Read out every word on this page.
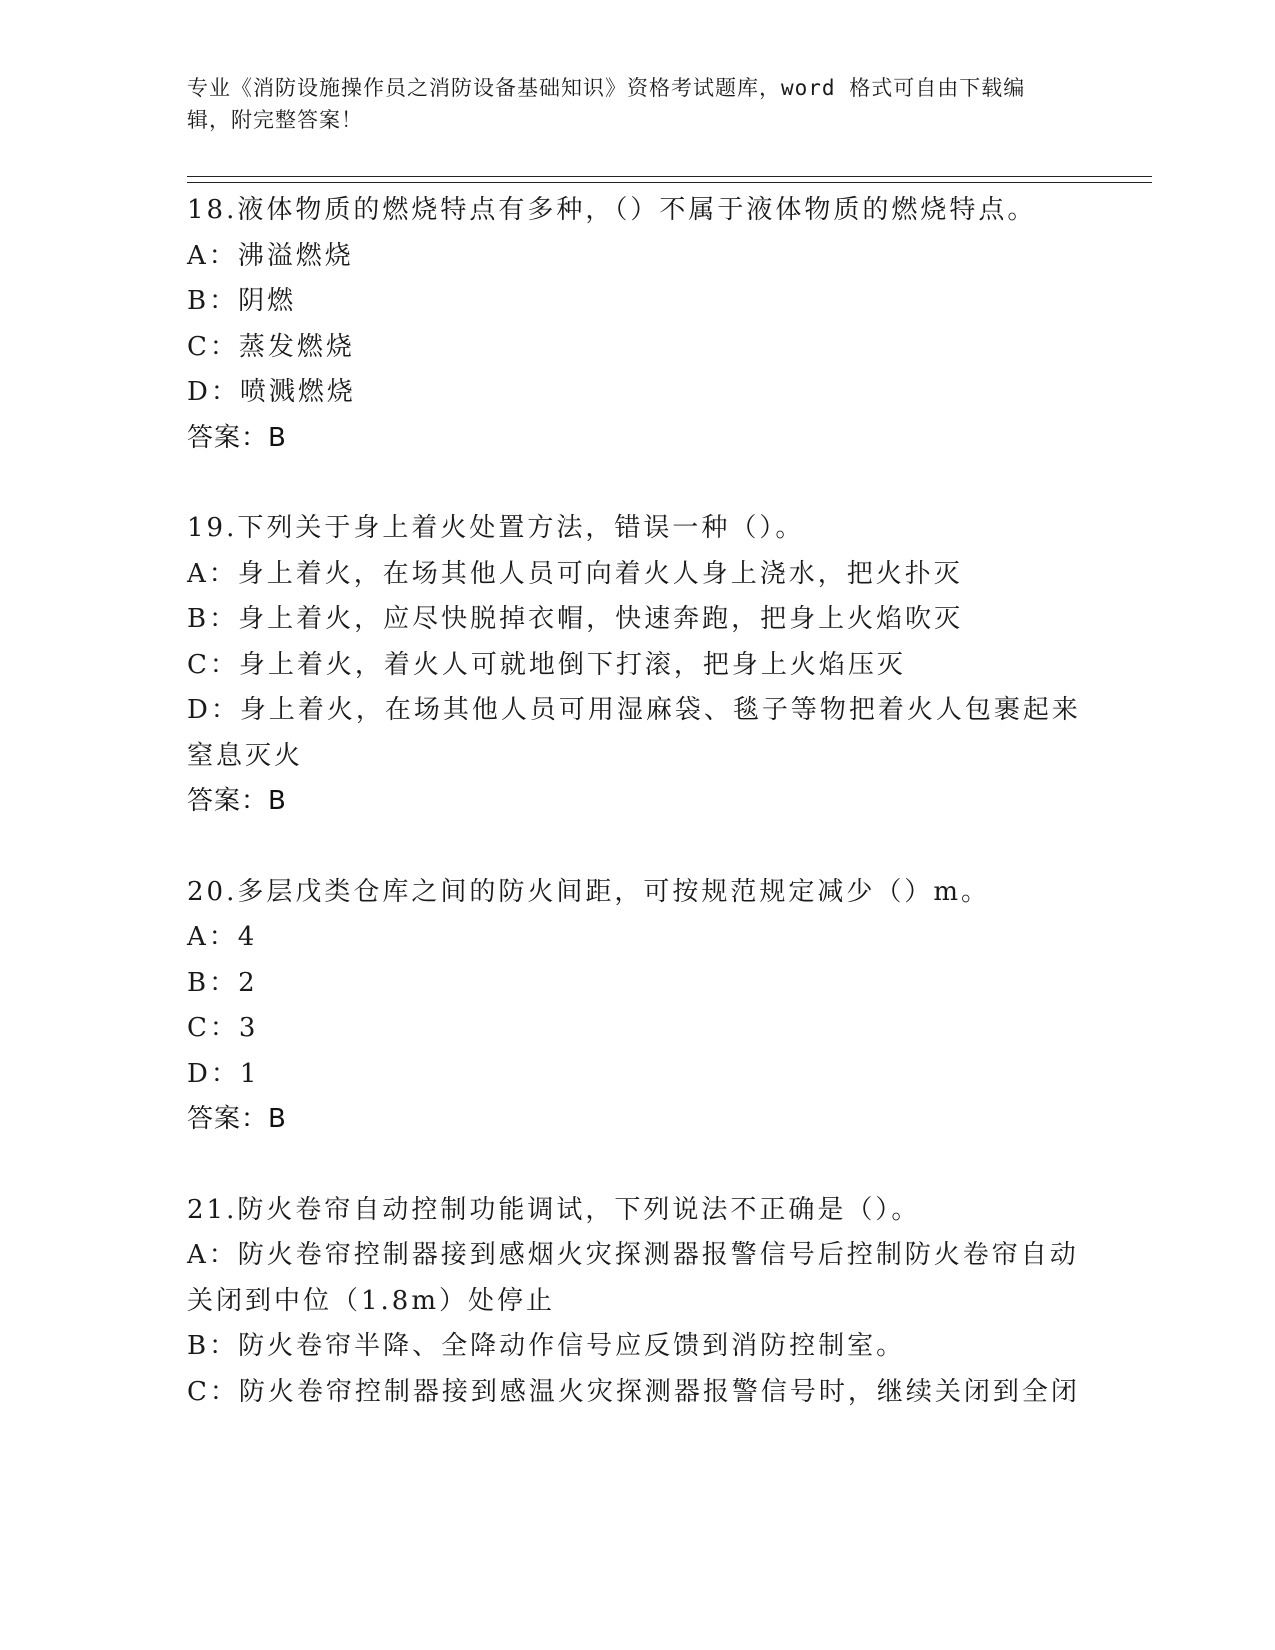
专业《消防设施操作员之消防设备基础知识》资格考试题库，word 格式可自由下载编辑，附完整答案！
18.液体物质的燃烧特点有多种，（）不属于液体物质的燃烧特点。
A：沸溢燃烧
B：阴燃
C：蒸发燃烧
D：喷溅燃烧
答案：B
19.下列关于身上着火处置方法，错误一种（）。
A：身上着火，在场其他人员可向着火人身上浇水，把火扑灭
B：身上着火，应尽快脱掉衣帽，快速奔跑，把身上火焰吹灭
C：身上着火，着火人可就地倒下打滚，把身上火焰压灭
D：身上着火，在场其他人员可用湿麻袋、毯子等物把着火人包裹起来窒息灭火
答案：B
20.多层戊类仓库之间的防火间距，可按规范规定减少（）m。
A：4
B：2
C：3
D：1
答案：B
21.防火卷帘自动控制功能调试，下列说法不正确是（）。
A：防火卷帘控制器接到感烟火灾探测器报警信号后控制防火卷帘自动关闭到中位（1.8m）处停止
B：防火卷帘半降、全降动作信号应反馈到消防控制室。
C：防火卷帘控制器接到感温火灾探测器报警信号时，继续关闭到全闭
